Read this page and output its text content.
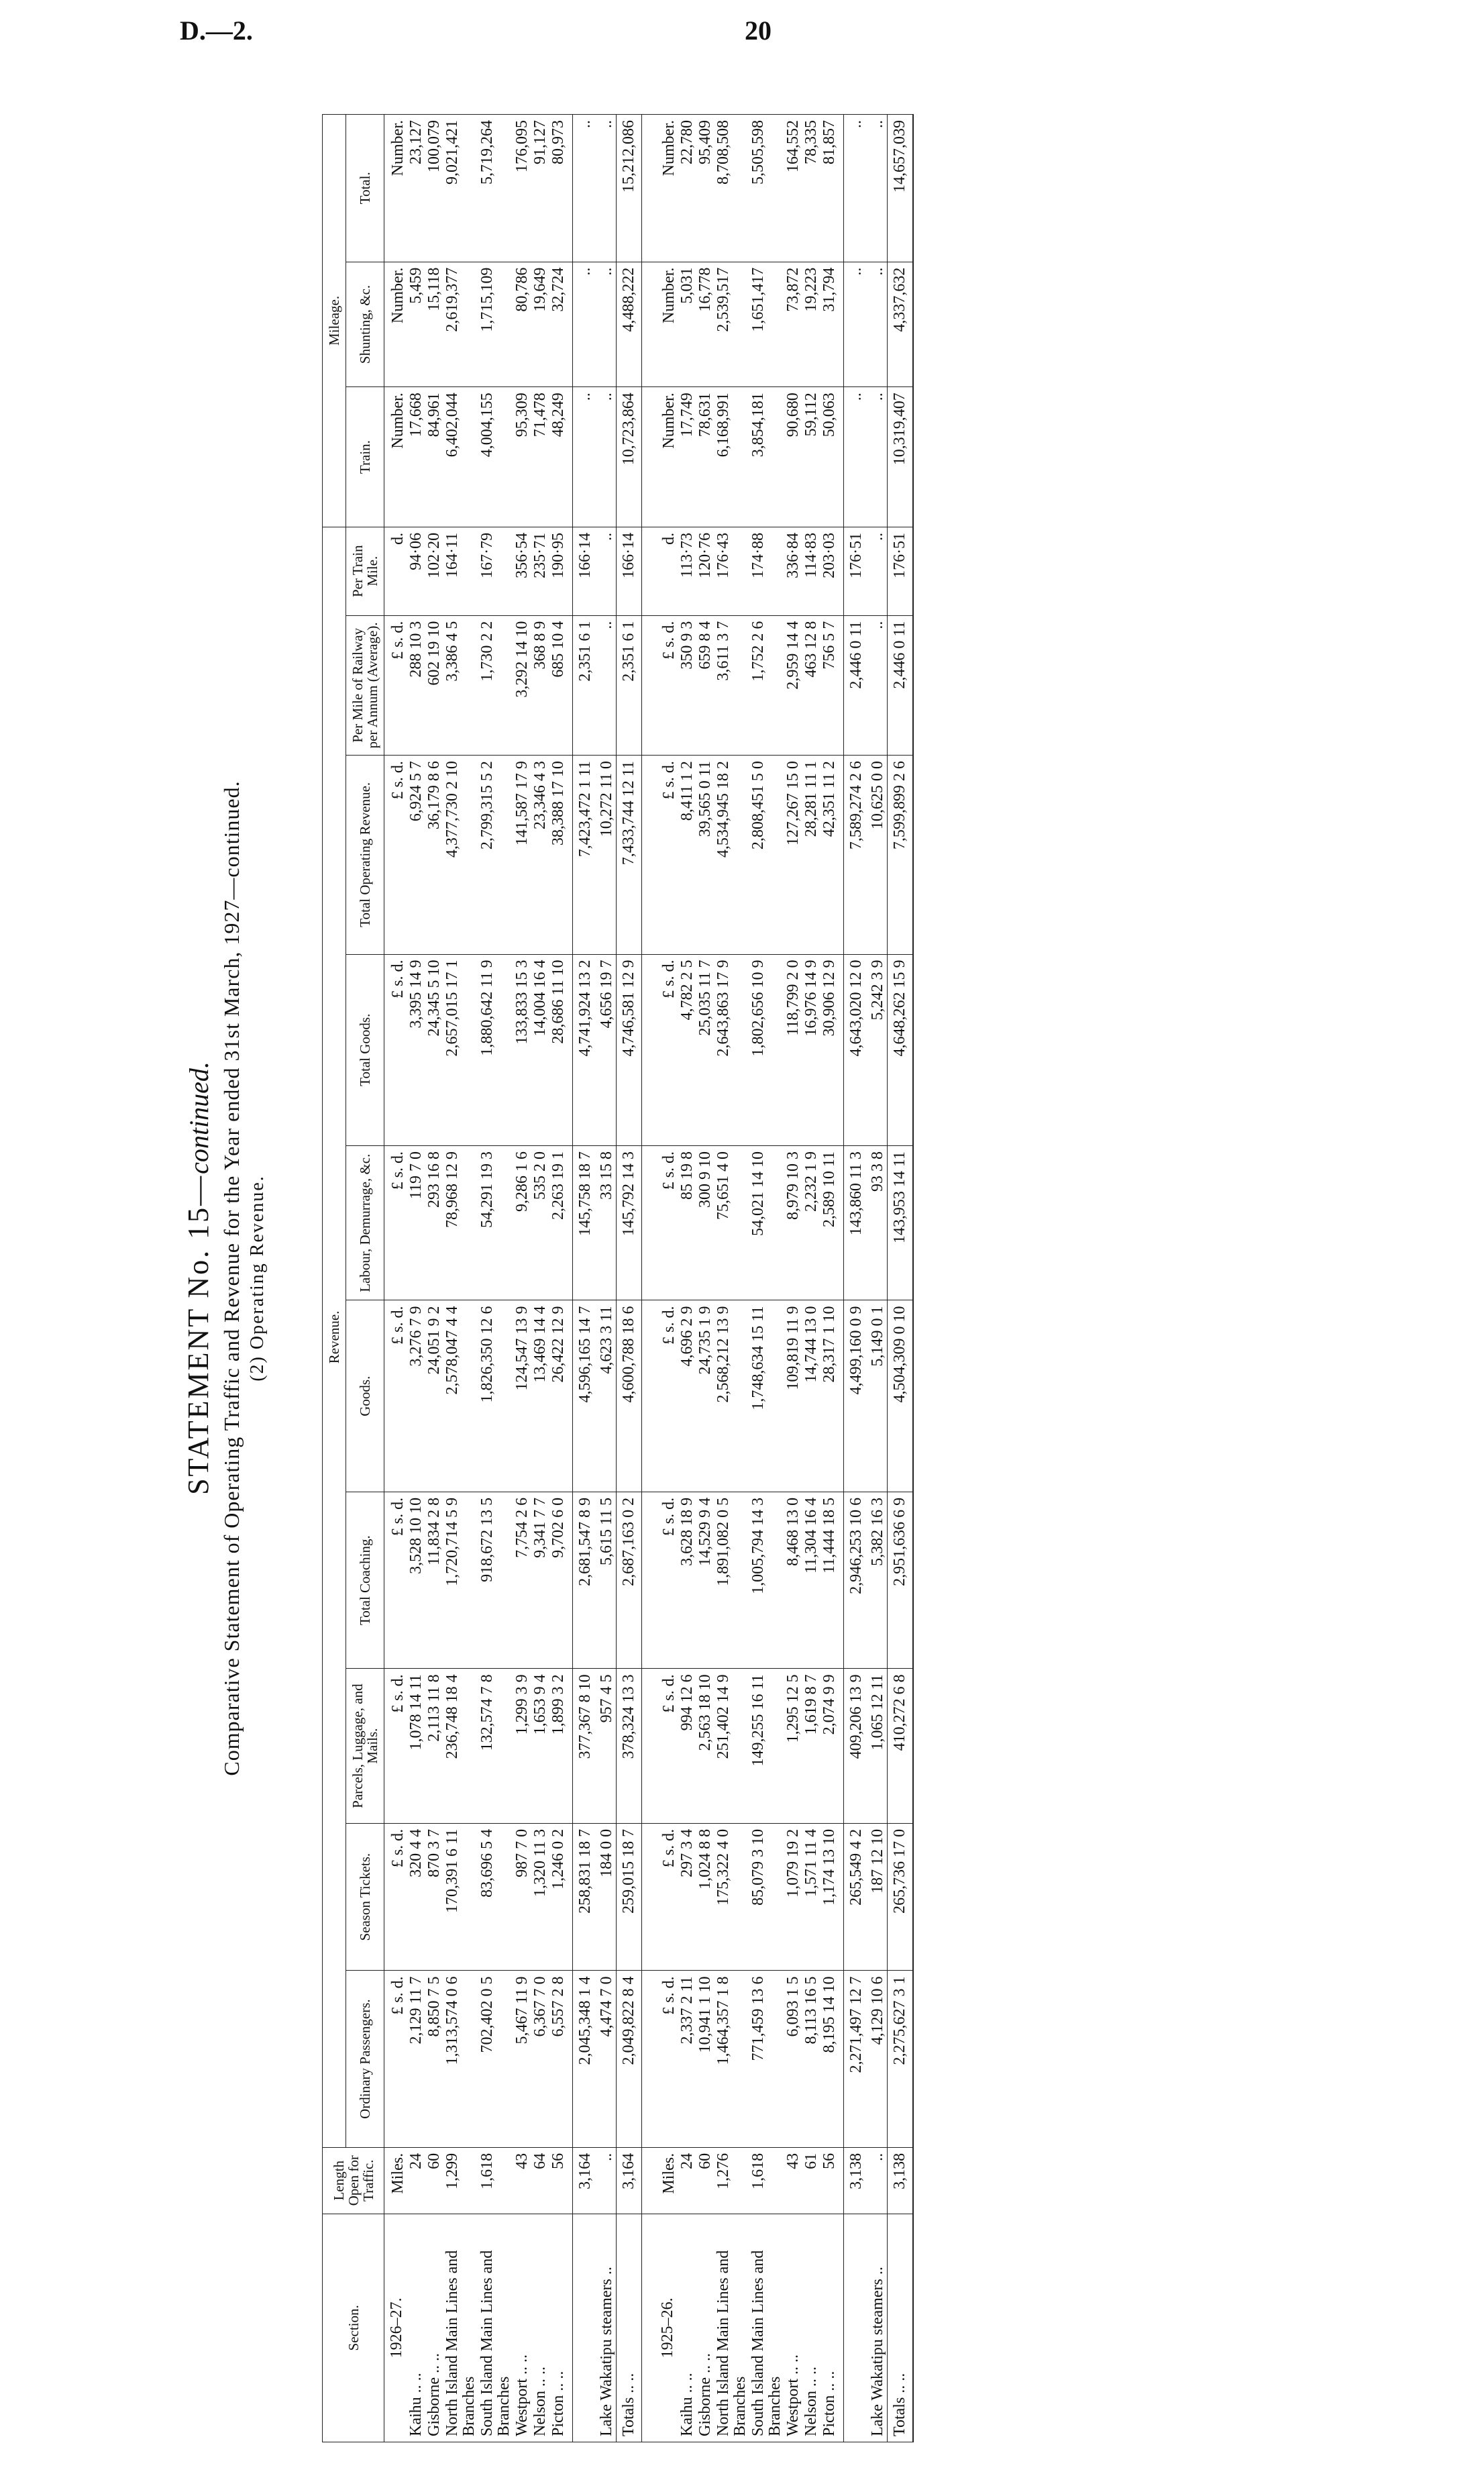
D.—2.	20
STATEMENT No. 15—continued. Comparative Statement of Operating Traffic and Revenue for the Year ended 31st March, 1927—continued. (2) Operating Revenue.
Section.	Length Open for Traffic.	Revenue.										Mileage.		
		Ordinary Passengers.	Season Tickets.	Parcels, Luggage, and Mails.	Total Coaching.	Goods.	Labour, Demurrage, &c.	Total Goods.	Total Operating Revenue.	Per Mile of Railway per Annum (Average).	Per Train Mile.	Train.	Shunting, &c.	Total.
1926–27.	Miles.	£ s. d.	£ s. d.	£ s. d.	£ s. d.	£ s. d.	£ s. d.	£ s. d.	£ s. d.	£ s. d.	d.	Number.	Number.	Number.
Kaihu .. ..	24	2,129 11 7	320 4 4	1,078 14 11	3,528 10 10	3,276 7 9	119 7 0	3,395 14 9	6,924 5 7	288 10 3	94·06	17,668	5,459	23,127
Gisborne .. ..	60	8,850 7 5	870 3 7	2,113 11 8	11,834 2 8	24,051 9 2	293 16 8	24,345 5 10	36,179 8 6	602 19 10	102·20	84,961	15,118	100,079
North Island Main Lines and Branches	1,299	1,313,574 0 6	170,391 6 11	236,748 18 4	1,720,714 5 9	2,578,047 4 4	78,968 12 9	2,657,015 17 1	4,377,730 2 10	3,386 4 5	164·11	6,402,044	2,619,377	9,021,421
South Island Main Lines and Branches	1,618	702,402 0 5	83,696 5 4	132,574 7 8	918,672 13 5	1,826,350 12 6	54,291 19 3	1,880,642 11 9	2,799,315 5 2	1,730 2 2	167·79	4,004,155	1,715,109	5,719,264
Westport .. ..	43	5,467 11 9	987 7 0	1,299 3 9	7,754 2 6	124,547 13 9	9,286 1 6	133,833 15 3	141,587 17 9	3,292 14 10	356·54	95,309	80,786	176,095
Nelson .. ..	64	6,367 7 0	1,320 11 3	1,653 9 4	9,341 7 7	13,469 14 4	535 2 0	14,004 16 4	23,346 4 3	368 8 9	235·71	71,478	19,649	91,127
Picton .. ..	56	6,557 2 8	1,246 0 2	1,899 3 2	9,702 6 0	26,422 12 9	2,263 19 1	28,686 11 10	38,388 17 10	685 10 4	190·95	48,249	32,724	80,973
	3,164	2,045,348 1 4	258,831 18 7	377,367 8 10	2,681,547 8 9	4,596,165 14 7	145,758 18 7	4,741,924 13 2	7,423,472 1 11	2,351 6 1	166·14	..	..	..
Lake Wakatipu steamers ..	..	4,474 7 0	184 0 0	957 4 5	5,615 11 5	4,623 3 11	33 15 8	4,656 19 7	10,272 11 0	..	..	..	..	..
Totals .. ..	3,164	2,049,822 8 4	259,015 18 7	378,324 13 3	2,687,163 0 2	4,600,788 18 6	145,792 14 3	4,746,581 12 9	7,433,744 12 11	2,351 6 1	166·14	10,723,864	4,488,222	15,212,086

1925–26.	Miles.	£ s. d.	£ s. d.	£ s. d.	£ s. d.	£ s. d.	£ s. d.	£ s. d.	£ s. d.	£ s. d.	d.	Number.	Number.	Number.
Kaihu .. ..	24	2,337 2 11	297 3 4	994 12 6	3,628 18 9	4,696 2 9	85 19 8	4,782 2 5	8,411 1 2	350 9 3	113·73	17,749	5,031	22,780
Gisborne .. ..	60	10,941 1 10	1,024 8 8	2,563 18 10	14,529 9 4	24,735 1 9	300 9 10	25,035 11 7	39,565 0 11	659 8 4	120·76	78,631	16,778	95,409
North Island Main Lines and Branches	1,276	1,464,357 1 8	175,322 4 0	251,402 14 9	1,891,082 0 5	2,568,212 13 9	75,651 4 0	2,643,863 17 9	4,534,945 18 2	3,611 3 7	176·43	6,168,991	2,539,517	8,708,508
South Island Main Lines and Branches	1,618	771,459 13 6	85,079 3 10	149,255 16 11	1,005,794 14 3	1,748,634 15 11	54,021 14 10	1,802,656 10 9	2,808,451 5 0	1,752 2 6	174·88	3,854,181	1,651,417	5,505,598
Westport .. ..	43	6,093 1 5	1,079 19 2	1,295 12 5	8,468 13 0	109,819 11 9	8,979 10 3	118,799 2 0	127,267 15 0	2,959 14 4	336·84	90,680	73,872	164,552
Nelson .. ..	61	8,113 16 5	1,571 11 4	1,619 8 7	11,304 16 4	14,744 13 0	2,232 1 9	16,976 14 9	28,281 11 1	463 12 8	114·83	59,112	19,223	78,335
Picton .. ..	56	8,195 14 10	1,174 13 10	2,074 9 9	11,444 18 5	28,317 1 10	2,589 10 11	30,906 12 9	42,351 11 2	756 5 7	203·03	50,063	31,794	81,857
	3,138	2,271,497 12 7	265,549 4 2	409,206 13 9	2,946,253 10 6	4,499,160 0 9	143,860 11 3	4,643,020 12 0	7,589,274 2 6	2,446 0 11	176·51	..	..	..
Lake Wakatipu steamers ..	..	4,129 10 6	187 12 10	1,065 12 11	5,382 16 3	5,149 0 1	93 3 8	5,242 3 9	10,625 0 0	..	..	..	..	..
Totals .. ..	3,138	2,275,627 3 1	265,736 17 0	410,272 6 8	2,951,636 6 9	4,504,309 0 10	143,953 14 11	4,648,262 15 9	7,599,899 2 6	2,446 0 11	176·51	10,319,407	4,337,632	14,657,039
